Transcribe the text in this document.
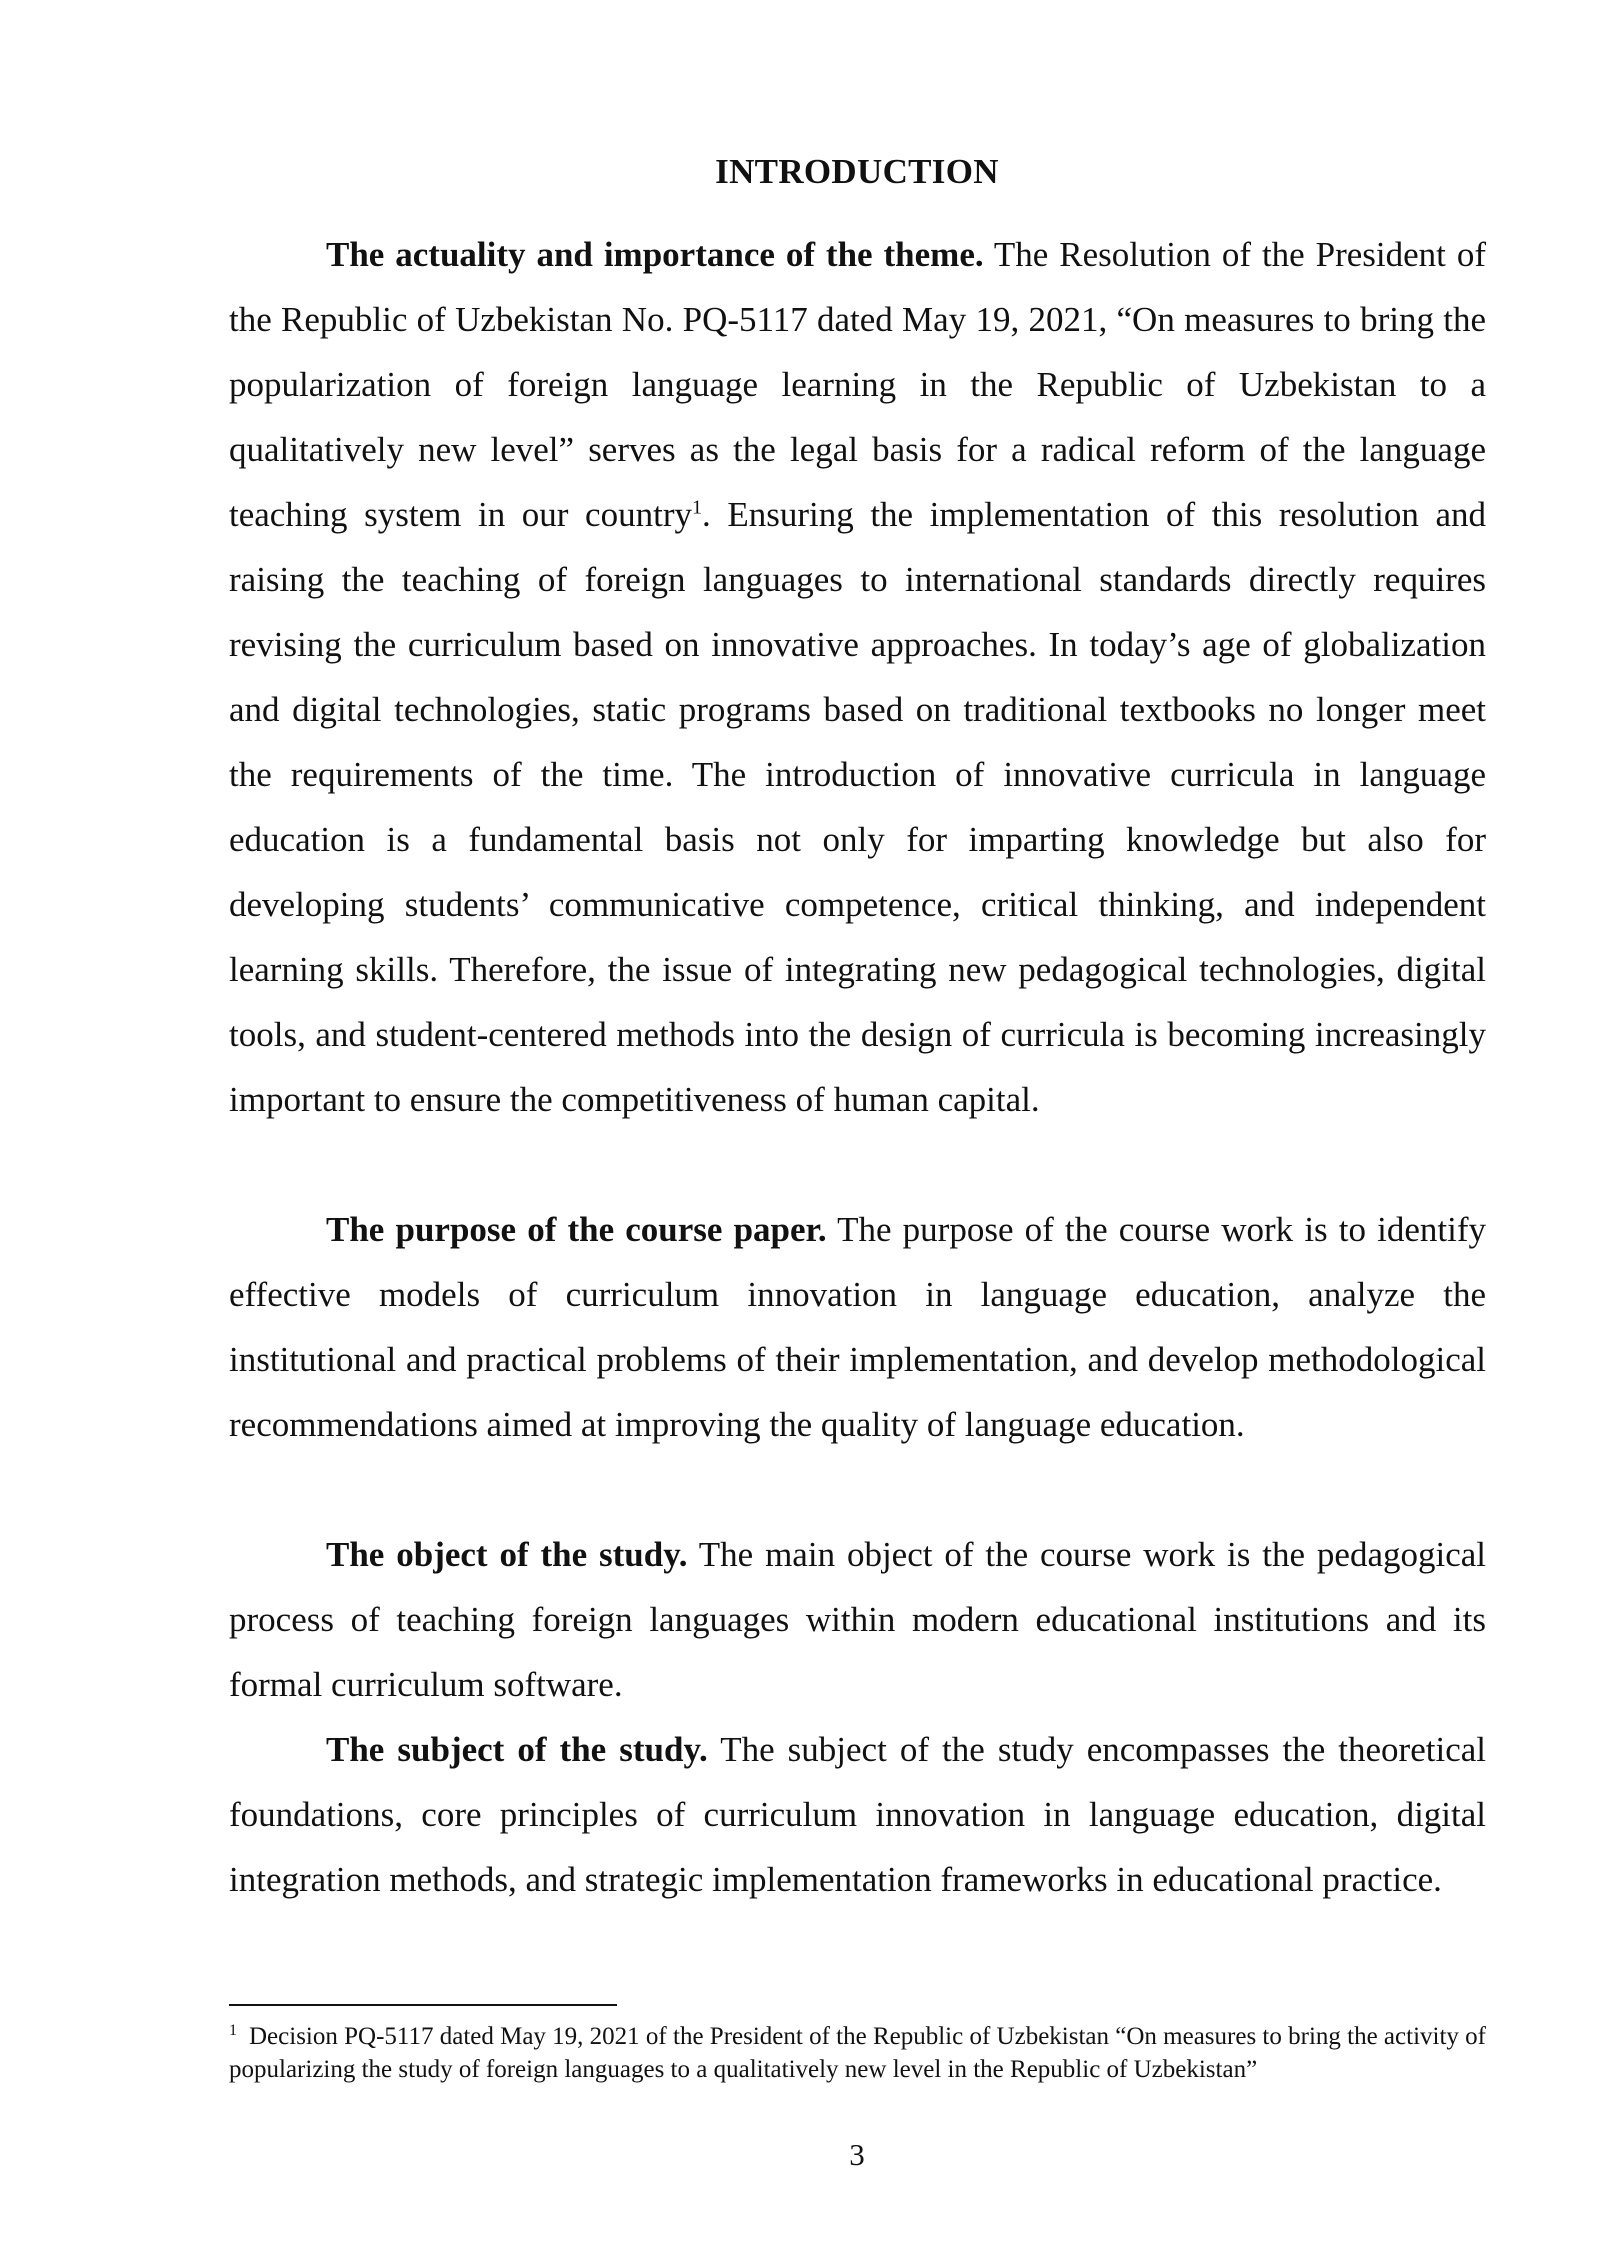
INTRODUCTION

The actuality and importance of the theme. The Resolution of the President of the Republic of Uzbekistan No. PQ-5117 dated May 19, 2021, “On measures to bring the popularization of foreign language learning in the Republic of Uzbekistan to a qualitatively new level” serves as the legal basis for a radical reform of the language teaching system in our country$^1$. Ensuring the implementation of this resolution and raising the teaching of foreign languages to international standards directly requires revising the curriculum based on innovative approaches. In today’s age of globalization and digital technologies, static programs based on traditional textbooks no longer meet the requirements of the time. The introduction of innovative curricula in language education is a fundamental basis not only for imparting knowledge but also for developing students’ communicative competence, critical thinking, and independent learning skills. Therefore, the issue of integrating new pedagogical technologies, digital tools, and student-centered methods into the design of curricula is becoming increasingly important to ensure the competitiveness of human capital.

The purpose of the course paper. The purpose of the course work is to identify effective models of curriculum innovation in language education, analyze the institutional and practical problems of their implementation, and develop methodological recommendations aimed at improving the quality of language education.

The object of the study. The main object of the course work is the pedagogical process of teaching foreign languages within modern educational institutions and its formal curriculum software.

The subject of the study. The subject of the study encompasses the theoretical foundations, core principles of curriculum innovation in language education, digital integration methods, and strategic implementation frameworks in educational practice.

$^1$ Decision PQ-5117 dated May 19, 2021 of the President of the Republic of Uzbekistan “On measures to bring the activity of popularizing the study of foreign languages to a qualitatively new level in the Republic of Uzbekistan”

3
